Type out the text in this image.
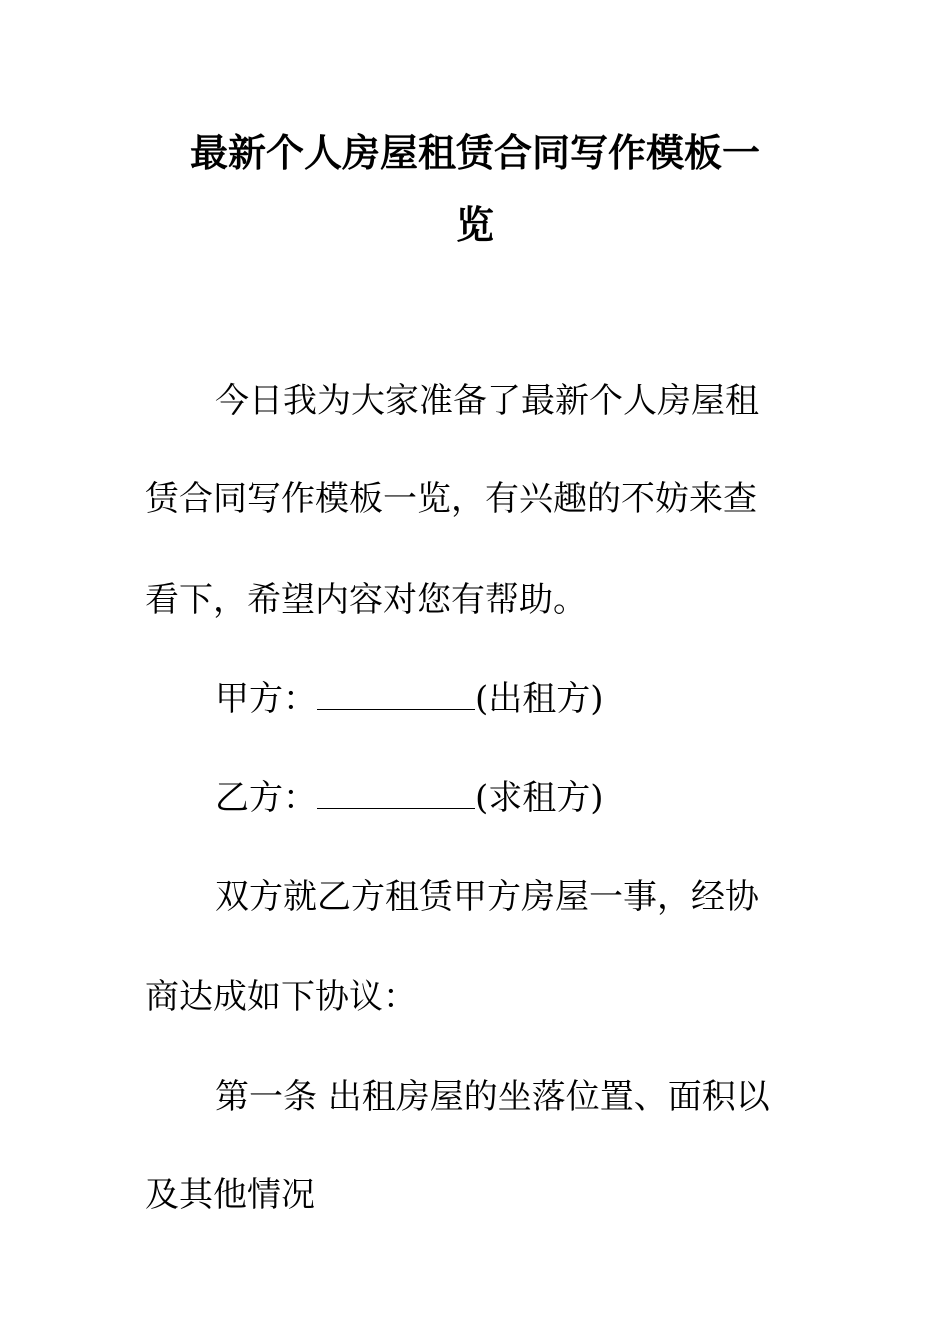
最新个人房屋租赁合同写作模板一
览

今日我为大家准备了最新个人房屋租

赁合同写作模板一览，有兴趣的不妨来查

看下，希望内容对您有帮助。

甲方：	(出租方)

乙方：	(求租方)

双方就乙方租赁甲方房屋一事，经协

商达成如下协议：

第一条 出租房屋的坐落位置、面积以

及其他情况
